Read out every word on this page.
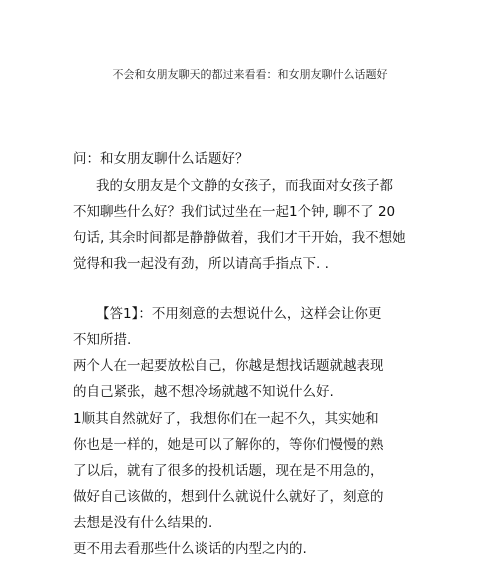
不会和女朋友聊天的都过来看看：和女朋友聊什么话题好
问：和女朋友聊什么话题好？
我的女朋友是个文静的女孩子，而我面对女孩子都
不知聊些什么好？我们试过坐在一起1个钟, 聊不了 20
句话, 其余时间都是静静做着，我们才干开始，我不想她
觉得和我一起没有劲，所以请高手指点下. .
【答1】：不用刻意的去想说什么，这样会让你更
不知所措.
两个人在一起要放松自己，你越是想找话题就越表现
的自己紧张，越不想冷场就越不知说什么好.
1顺其自然就好了，我想你们在一起不久，其实她和
你也是一样的，她是可以了解你的，等你们慢慢的熟
了以后，就有了很多的投机话题，现在是不用急的，
做好自己该做的，想到什么就说什么就好了，刻意的
去想是没有什么结果的.
更不用去看那些什么谈话的内型之内的.
